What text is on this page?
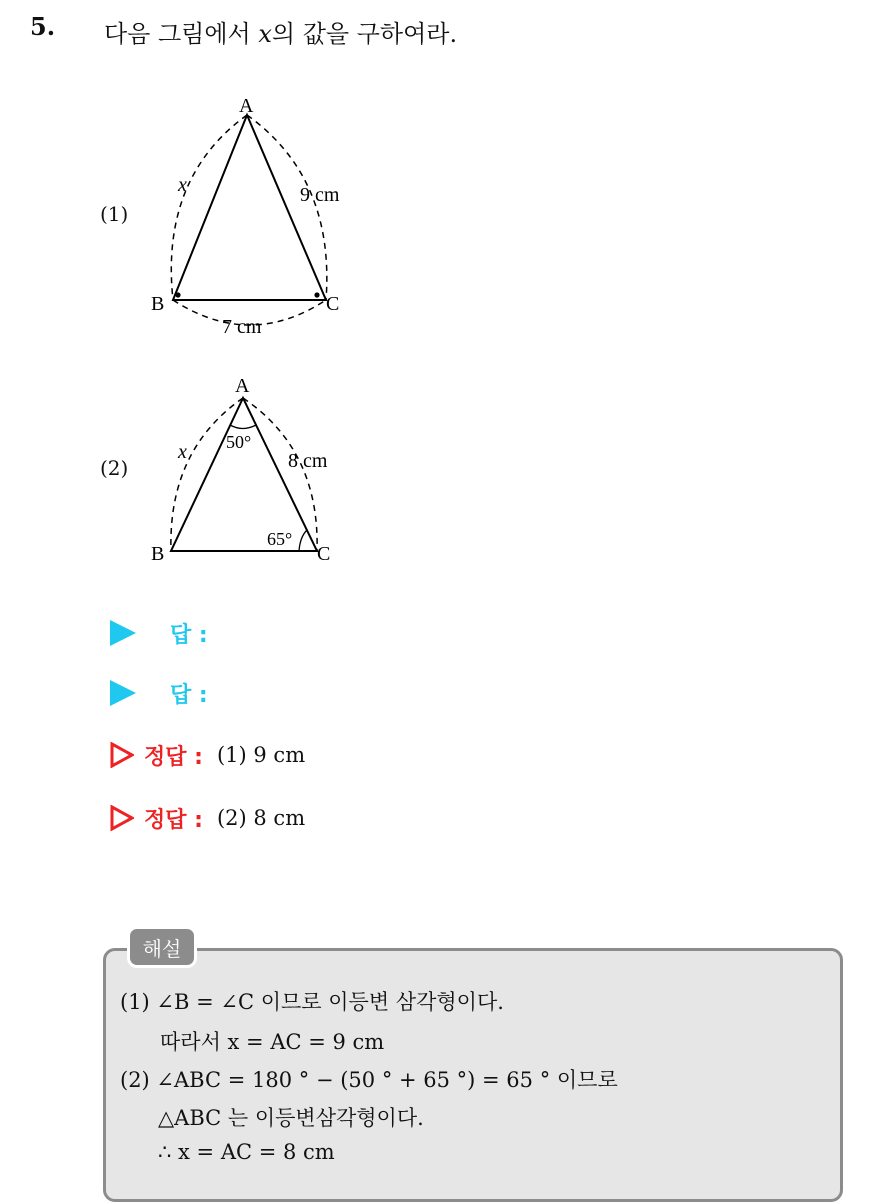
5. 다음 그림에서 x의 값을 구하여라.
(1)
A
B	C
x	9 cm
7 cm
(2)
A
B	C
x	8 cm
50°
65°
답 :
답 :
정답 : (1) 9 cm
정답 : (2) 8 cm
해설
(1) ∠B = ∠C 이므로 이등변 삼각형이다.
따라서 x = AC = 9 cm
(2) ∠ABC = 180 ° − (50 ° + 65 °) = 65 ° 이므로
△ABC 는 이등변삼각형이다.
∴ x = AC = 8 cm
